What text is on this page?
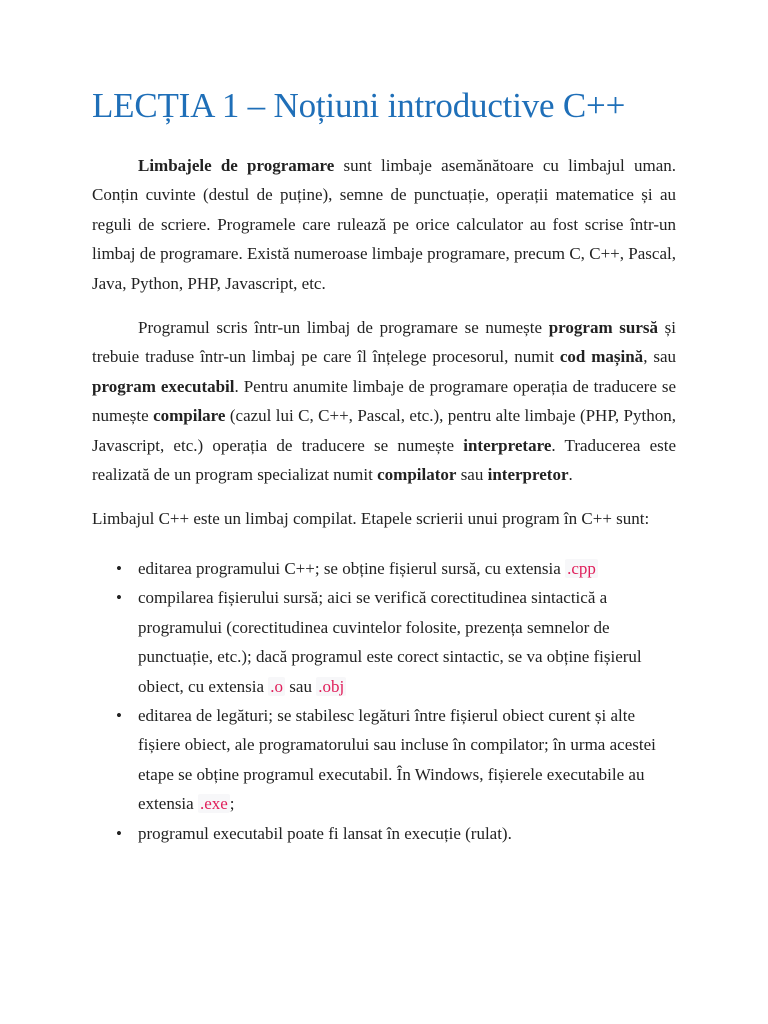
LECȚIA 1 – Noțiuni introductive C++

Limbajele de programare sunt limbaje asemănătoare cu limbajul uman. Conțin cuvinte (destul de puține), semne de punctuație, operații matematice și au reguli de scriere. Programele care rulează pe orice calculator au fost scrise într-un limbaj de programare. Există numeroase limbaje programare, precum C, C++, Pascal, Java, Python, PHP, Javascript, etc.

Programul scris într-un limbaj de programare se numește program sursă și trebuie traduse într-un limbaj pe care îl înțelege procesorul, numit cod mașină, sau program executabil. Pentru anumite limbaje de programare operația de traducere se numește compilare (cazul lui C, C++, Pascal, etc.), pentru alte limbaje (PHP, Python, Javascript, etc.) operația de traducere se numește interpretare. Traducerea este realizată de un program specializat numit compilator sau interpretor.

Limbajul C++ este un limbaj compilat. Etapele scrierii unui program în C++ sunt:

• editarea programului C++; se obține fișierul sursă, cu extensia .cpp
• compilarea fișierului sursă; aici se verifică corectitudinea sintactică a programului (corectitudinea cuvintelor folosite, prezența semnelor de punctuație, etc.); dacă programul este corect sintactic, se va obține fișierul obiect, cu extensia .o sau .obj
• editarea de legături; se stabilesc legături între fișierul obiect curent și alte fișiere obiect, ale programatorului sau incluse în compilator; în urma acestei etape se obține programul executabil. În Windows, fișierele executabile au extensia .exe ;
• programul executabil poate fi lansat în execuție (rulat).
